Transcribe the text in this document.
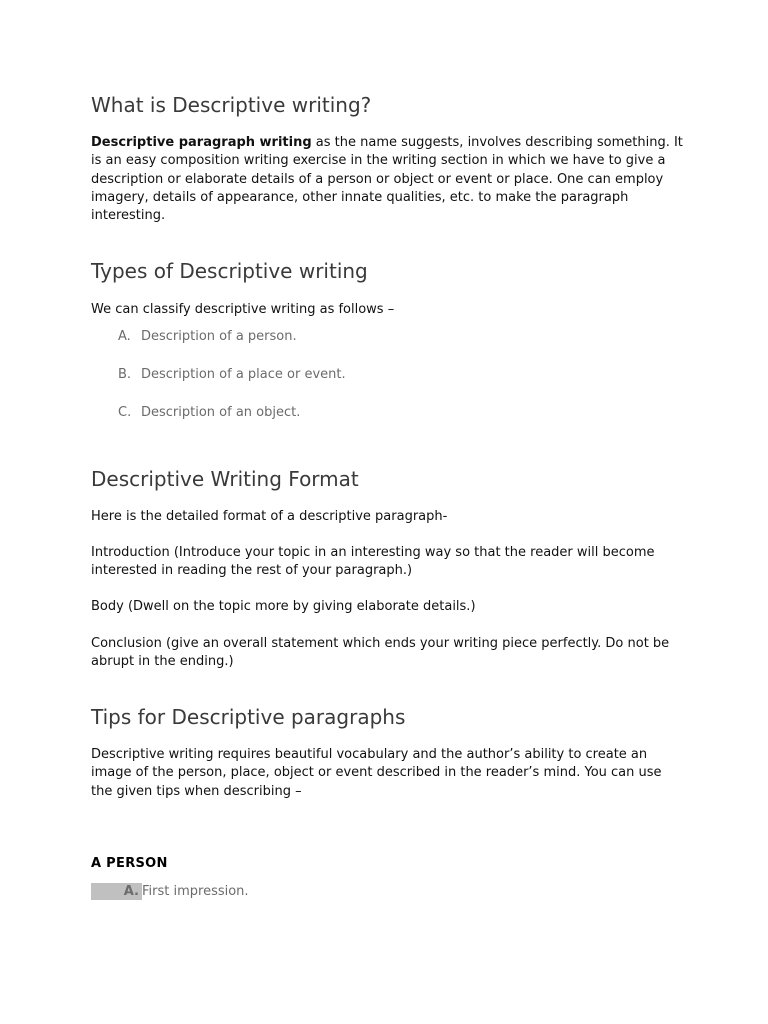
What is Descriptive writing?

Descriptive paragraph writing as the name suggests, involves describing something. It is an easy composition writing exercise in the writing section in which we have to give a description or elaborate details of a person or object or event or place. One can employ imagery, details of appearance, other innate qualities, etc. to make the paragraph interesting.

Types of Descriptive writing

We can classify descriptive writing as follows –

A. Description of a person.
B. Description of a place or event.
C. Description of an object.
Descriptive Writing Format

Here is the detailed format of a descriptive paragraph-

Introduction (Introduce your topic in an interesting way so that the reader will become interested in reading the rest of your paragraph.)

Body (Dwell on the topic more by giving elaborate details.)

Conclusion (give an overall statement which ends your writing piece perfectly. Do not be abrupt in the ending.)

Tips for Descriptive paragraphs

Descriptive writing requires beautiful vocabulary and the author’s ability to create an image of the person, place, object or event described in the reader’s mind. You can use the given tips when describing –

A PERSON
A. First impression.
